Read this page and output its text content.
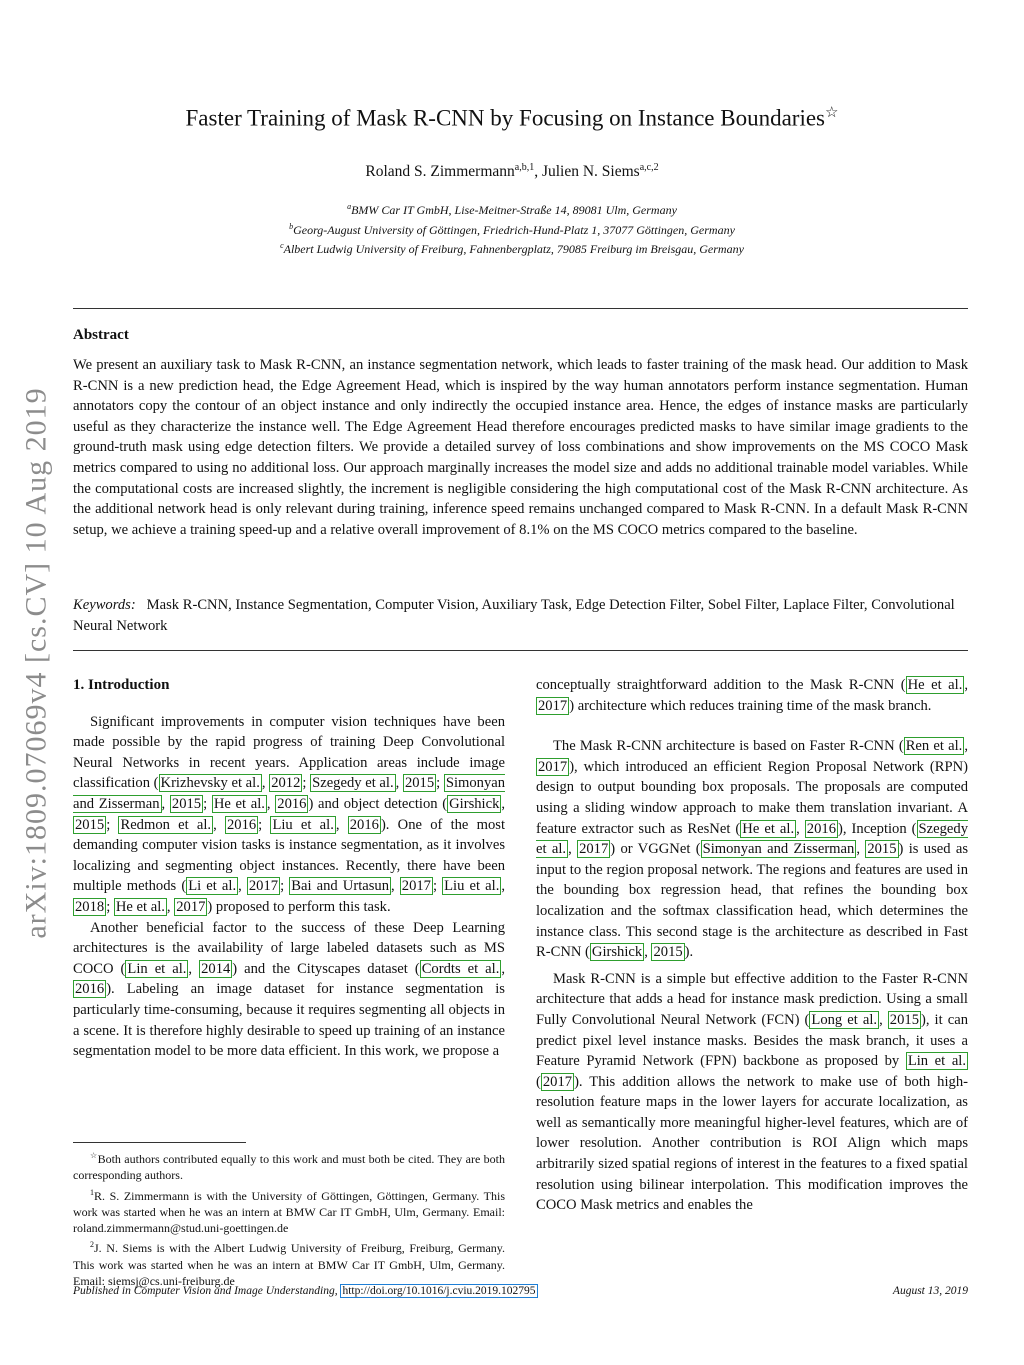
arXiv:1809.07069v4 [cs.CV] 10 Aug 2019
Faster Training of Mask R-CNN by Focusing on Instance Boundaries☆
Roland S. Zimmermann$^{a,b,1}$, Julien N. Siems$^{a,c,2}$
$^a$BMW Car IT GmbH, Lise-Meitner-Straße 14, 89081 Ulm, Germany
$^b$Georg-August University of Göttingen, Friedrich-Hund-Platz 1, 37077 Göttingen, Germany
$^c$Albert Ludwig University of Freiburg, Fahnenbergplatz, 79085 Freiburg im Breisgau, Germany
Abstract
We present an auxiliary task to Mask R-CNN, an instance segmentation network, which leads to faster training of the mask head. Our addition to Mask R-CNN is a new prediction head, the Edge Agreement Head, which is inspired by the way human annotators perform instance segmentation. Human annotators copy the contour of an object instance and only indirectly the occupied instance area. Hence, the edges of instance masks are particularly useful as they characterize the instance well. The Edge Agreement Head therefore encourages predicted masks to have similar image gradients to the ground-truth mask using edge detection filters. We provide a detailed survey of loss combinations and show improvements on the MS COCO Mask metrics compared to using no additional loss. Our approach marginally increases the model size and adds no additional trainable model variables. While the computational costs are increased slightly, the increment is negligible considering the high computational cost of the Mask R-CNN architecture. As the additional network head is only relevant during training, inference speed remains unchanged compared to Mask R-CNN. In a default Mask R-CNN setup, we achieve a training speed-up and a relative overall improvement of 8.1% on the MS COCO metrics compared to the baseline.
Keywords: Mask R-CNN, Instance Segmentation, Computer Vision, Auxiliary Task, Edge Detection Filter, Sobel Filter, Laplace Filter, Convolutional Neural Network
1. Introduction

Significant improvements in computer vision techniques have been made possible by the rapid progress of training Deep Convolutional Neural Networks in recent years. Application areas include image classification ( Krizhevsky et al. , 2012 ; Szegedy et al. , 2015 ; Simonyan and Zisserman , 2015 ; He et al. , 2016 ) and object detection ( Girshick , 2015 ; Redmon et al. , 2016 ; Liu et al. , 2016 ). One of the most demanding computer vision tasks is instance segmentation, as it involves localizing and segmenting object instances. Recently, there have been multiple methods ( Li et al. , 2017 ; Bai and Urtasun , 2017 ; Liu et al. , 2018 ; He et al. , 2017 ) proposed to perform this task.

Another beneficial factor to the success of these Deep Learning architectures is the availability of large labeled datasets such as MS COCO ( Lin et al. , 2014 ) and the Cityscapes dataset ( Cordts et al. , 2016 ). Labeling an image dataset for instance segmentation is particularly time-consuming, because it requires segmenting all objects in a scene. It is therefore highly desirable to speed up training of an instance segmentation model to be more data efficient. In this work, we propose a

conceptually straightforward addition to the Mask R-CNN ( He et al. , 2017 ) architecture which reduces training time of the mask branch.

The Mask R-CNN architecture is based on Faster R-CNN ( Ren et al. , 2017 ), which introduced an efficient Region Proposal Network (RPN) design to output bounding box proposals. The proposals are computed using a sliding window approach to make them translation invariant. A feature extractor such as ResNet ( He et al. , 2016 ), Inception ( Szegedy et al. , 2017 ) or VGGNet ( Simonyan and Zisserman , 2015 ) is used as input to the region proposal network. The regions and features are used in the bounding box regression head, that refines the bounding box localization and the softmax classification head, which determines the instance class. This second stage is the architecture as described in Fast R-CNN ( Girshick , 2015 ).

Mask R-CNN is a simple but effective addition to the Faster R-CNN architecture that adds a head for instance mask prediction. Using a small Fully Convolutional Neural Network (FCN) ( Long et al. , 2015 ), it can predict pixel level instance masks. Besides the mask branch, it uses a Feature Pyramid Network (FPN) backbone as proposed by Lin et al. ( 2017 ). This addition allows the network to make use of both high-resolution feature maps in the lower layers for accurate localization, as well as semantically more meaningful higher-level features, which are of lower resolution. Another contribution is ROI Align which maps arbitrarily sized spatial regions of interest in the features to a fixed spatial resolution using bilinear interpolation. This modification improves the COCO Mask metrics and enables the

☆Both authors contributed equally to this work and must both be cited. They are both corresponding authors.

$^1$R. S. Zimmermann is with the University of Göttingen, Göttingen, Germany. This work was started when he was an intern at BMW Car IT GmbH, Ulm, Germany. Email: roland.zimmermann@stud.uni-goettingen.de

$^2$J. N. Siems is with the Albert Ludwig University of Freiburg, Freiburg, Germany. This work was started when he was an intern at BMW Car IT GmbH, Ulm, Germany. Email: siemsj@cs.uni-freiburg.de

Published in Computer Vision and Image Understanding, http://doi.org/10.1016/j.cviu.2019.102795	August 13, 2019
